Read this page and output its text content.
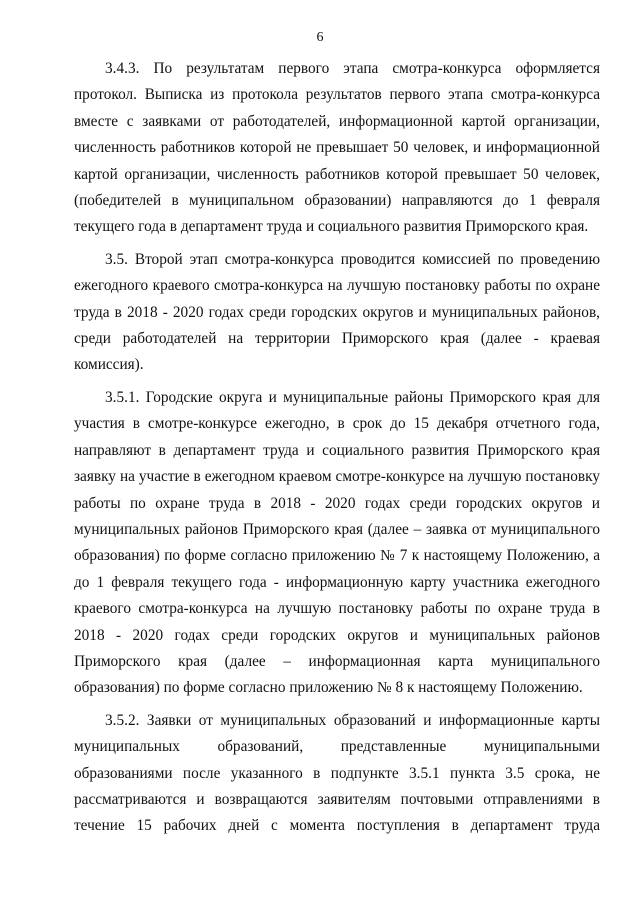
6

3.4.3. По результатам первого этапа смотра-конкурса оформляется протокол. Выписка из протокола результатов первого этапа смотра-конкурса вместе с заявками от работодателей, информационной картой организации, численность работников которой не превышает 50 человек, и информационной картой организации, численность работников которой превышает 50 человек, (победителей в муниципальном образовании) направляются до 1 февраля текущего года в департамент труда и социального развития Приморского края.

3.5. Второй этап смотра-конкурса проводится комиссией по проведению ежегодного краевого смотра-конкурса на лучшую постановку работы по охране труда в 2018 - 2020 годах среди городских округов и муниципальных районов, среди работодателей на территории Приморского края (далее - краевая комиссия).

3.5.1. Городские округа и муниципальные районы Приморского края для участия в смотре-конкурсе ежегодно, в срок до 15 декабря отчетного года, направляют в департамент труда и социального развития Приморского края заявку на участие в ежегодном краевом смотре-конкурсе на лучшую постановку работы по охране труда в 2018 - 2020 годах среди городских округов и муниципальных районов Приморского края (далее – заявка от муниципального образования) по форме согласно приложению № 7 к настоящему Положению, а до 1 февраля текущего года - информационную карту участника ежегодного краевого смотра-конкурса на лучшую постановку работы по охране труда в 2018 - 2020 годах среди городских округов и муниципальных районов Приморского края (далее – информационная карта муниципального образования) по форме согласно приложению № 8 к настоящему Положению.

3.5.2. Заявки от муниципальных образований и информационные карты муниципальных образований, представленные муниципальными образованиями после указанного в подпункте 3.5.1 пункта 3.5 срока, не рассматриваются и возвращаются заявителям почтовыми отправлениями в течение 15 рабочих дней с момента поступления в департамент труда
